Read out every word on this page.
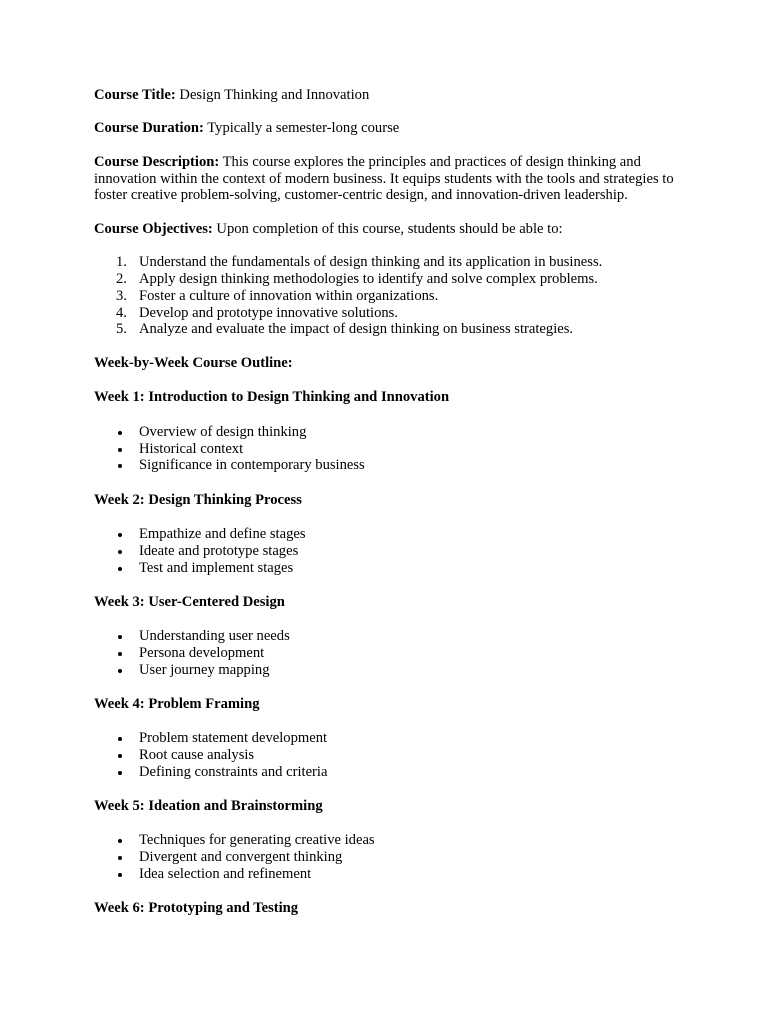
Course Title: Design Thinking and Innovation

Course Duration: Typically a semester-long course

Course Description: This course explores the principles and practices of design thinking and innovation within the context of modern business. It equips students with the tools and strategies to foster creative problem-solving, customer-centric design, and innovation-driven leadership.

Course Objectives: Upon completion of this course, students should be able to:

1. Understand the fundamentals of design thinking and its application in business.
2. Apply design thinking methodologies to identify and solve complex problems.
3. Foster a culture of innovation within organizations.
4. Develop and prototype innovative solutions.
5. Analyze and evaluate the impact of design thinking on business strategies.

Week-by-Week Course Outline:

Week 1: Introduction to Design Thinking and Innovation
Overview of design thinking
Historical context
Significance in contemporary business
Week 2: Design Thinking Process
Empathize and define stages
Ideate and prototype stages
Test and implement stages
Week 3: User-Centered Design
Understanding user needs
Persona development
User journey mapping
Week 4: Problem Framing
Problem statement development
Root cause analysis
Defining constraints and criteria
Week 5: Ideation and Brainstorming
Techniques for generating creative ideas
Divergent and convergent thinking
Idea selection and refinement
Week 6: Prototyping and Testing
